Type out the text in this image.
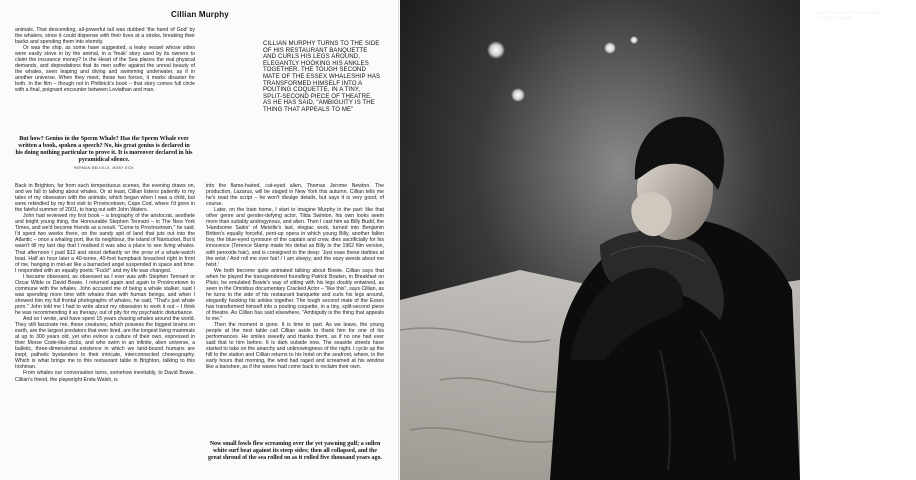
Cillian Murphy

animals. That descending, all-powerful tail was dubbed 'the hand of God' by the whalers, since it could dispense with their lives at a stroke, breaking their backs and spending them into eternity.

Or was the ship, as some have suggested, a leaky vessel whose sides were easily stove in by the animal, in a 'freak' story used by its owners to claim the insurance money? In the Heart of the Sea places the real physical demands, and depredations that its men suffer against the unreal beauty of the whales, seen leaping and diving and swimming underwater, as if in another universe. When they meet, these two forces, it marks disaster for both. In the film – though not in Philbrick's book – that story comes full circle with a final, poignant encounter between Leviathan and man.

But how? Genius in the Sperm Whale? Has the Sperm Whale ever written a book, spoken a speech? No, his great genius is declared in his doing nothing particular to prove it. It is moreover declared in his pyramidical silence.
HERMAN MELVILLE, MOBY DICK
CILLIAN MURPHY TURNS TO THE SIDE OF HIS RESTAURANT BANQUETTE AND CURLS HIS LEGS AROUND, ELEGANTLY HOOKING HIS ANKLES TOGETHER. THE TOUGH SECOND MATE OF THE ESSEX WHALESHIP HAS TRANSFORMED HIMSELF INTO A POUTING COQUETTE, IN A TINY, SPLIT-SECOND PIECE OF THEATRE. AS HE HAS SAID, "AMBIGUITY IS THE THING THAT APPEALS TO ME"

Back in Brighton, far from such tempestuous scenes, the evening draws on, and we fall to talking about whales. Or at least, Cillian listens patiently to my tales of my obsession with the animals, which began when I was a child, but were rekindled by my first visit to Provincetown, Cape Cod, where I'd gone in the fateful summer of 2001, to hang out with John Waters.

John had reviewed my first book – a biography of the aristocrat, aesthete and bright young thing, the Honourable Stephen Tennant – in The New York Times, and we'd become friends as a result. "Come to Provincetown," he said. I'd spent two weeks there, on the sandy spit of land that juts out into the Atlantic – once a whaling port, like its neighbour, the island of Nantucket. But it wasn't till my last day that I realised it was also a place to see living whales. That afternoon I paid $12 and stood defiantly on the prow of a whale-watch boat. Half an hour later a 40-tonne, 40-foot humpback breached right in front of me, hanging in mid-air like a barnacled angel suspended in space and time. I responded with an equally poetic "Fuck!" and my life was changed.

I became obsessed, as obsessed as I ever was with Stephen Tennant or Oscar Wilde or David Bowie. I returned again and again to Provincetown to commune with the whales. John accused me of being a whale stalker, said I was spending more time with whales than with human beings, and when I showed him my full frontal photographs of whales, he said, "That's just whale porn." John told me I had to write about my obsession to work it out – I think he was recommending it as therapy, out of pity for my psychiatric disturbance.

And so I wrote, and have spent 15 years chasing whales around the world. They still fascinate me, these creatures, which possess the biggest brains on earth, are the largest predators that ever lived, are the longest living mammals at up to 300 years old, yet who evince a culture of their own, expressed in their Morse Code-like clicks, and who swim in an infinite, alien universe, a balletic, three-dimensional existence in which we land-bound humans are inept, pathetic bystanders to their intricate, interconnected choreography. Which is what brings me to this restaurant table in Brighton, talking to this Irishman.

From whales our conversation turns, somehow inevitably, to David Bowie. Cillian's friend, the playwright Enda Walsh, is

into the flame-haired, cat-eyed alien, Thomas Jerome Newton. The production, Lazarus, will be staged in New York this autumn. Cillian tells me he's read the script – he won't divulge details, but says it is very good, of course.

Later, on the train home, I start to imagine Murphy in the part: like that other genre and gender-defying actor, Tilda Swinton, his own looks seem more than suitably androgynous, and alien. Then I cast him as Billy Budd, the 'Handsome Sailor' of Melville's last, elegiac work, turned into Benjamin Britten's equally forceful, pent-up opera in which young Billy, another fallen boy, the blue-eyed cynosure of the captain and crew, dies sacrificially for his innocence (Terence Stamp made his debut as Billy in the 1962 film version, with peroxide hair), and is consigned to the deep: 'Just ease these darbies at the wrist / And roll me over fair! / I am sleepy, and the oozy weeds about me twist.'

We both become quite animated talking about Bowie. Cillian says that when he played the transgendered foundling Patrick Braden, in Breakfast on Pluto, he emulated Bowie's way of sitting with his legs doubly entwined, as seen in the Omnibus documentary Cracked Actor – "like this", says Cillian, as he turns to the side of his restaurant banquette and curls his legs around, elegantly hooking his ankles together. The tough second mate of the Essex has transformed himself into a pouting coquette, in a tiny, split-second piece of theatre. As Cillian has said elsewhere, "Ambiguity is the thing that appeals to me."

Then the moment is gone. It is time to part. As we leave, the young people at the next table call Cillian aside to thank him for one of his performances. He smiles sweetly and thanks them, as if no one had ever said that to him before. It is dark outside now. The seaside streets have started to take on the anarchy and unknowingness of the night. I cycle up the hill to the station and Cillian returns to his hotel on the seafront, where, in the early hours that morning, the wind had raged and screamed at his window like a banshee, as if the waves had come back to reclaim their own.

Now small fowls flew screaming over the yet yawning gulf; a sullen white surf beat against its steep sides; then all collapsed, and the great shroud of the sea rolled on as it rolled five thousand years ago.
Leather jacket with shearling collar
by Maison Margiela
